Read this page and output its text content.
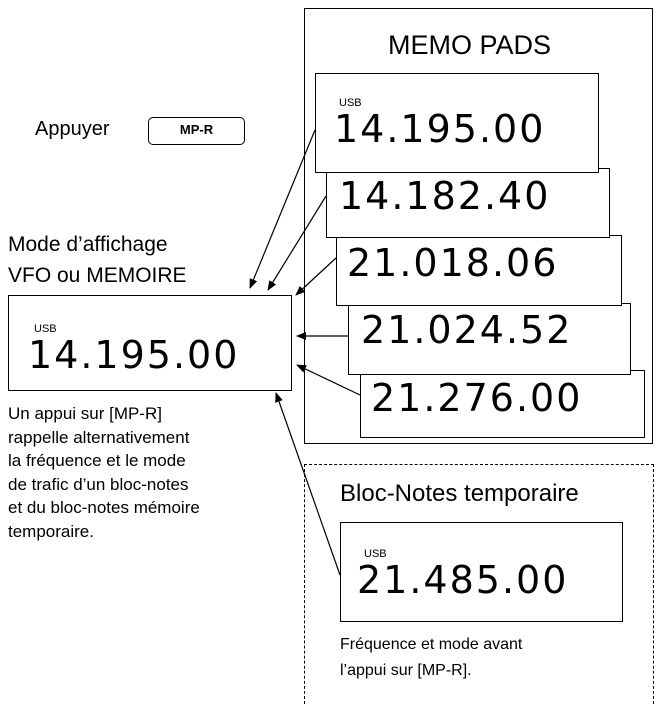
MEMO PADS
21.276.00
21.024.52
21.018.06
14.182.40
USB
14.195.00
Appuyer	MP-R
Mode d’affichage
VFO ou MEMOIRE
USB
14.195.00
Un appui sur [MP-R]
rappelle alternativement
la fréquence et le mode
de trafic d’un bloc-notes
et du bloc-notes mémoire
temporaire.
Bloc-Notes temporaire
USB
21.485.00
Fréquence et mode avant
l’appui sur [MP-R].
